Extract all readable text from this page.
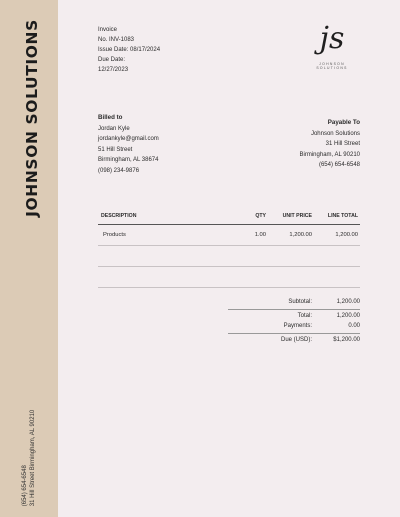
JOHNSON SOLUTIONS
(654) 654-6548 31 Hill Street Birmingham, AL 90210
Invoice
No. INV-1083
Issue Date: 08/17/2024
Due Date:
12/27/2023
js
JOHNSON SOLUTIONS
Billed to
Jordan Kyle
jordankyle@gmail.com
51 Hill Street
Birmingham, AL 38674
(098) 234-9876
Payable To
Johnson Solutions
31 Hill Street
Birmingham, AL 90210
(654) 654-6548
DESCRIPTION	QTY	UNIT PRICE	LINE TOTAL
Products	1.00	1,200.00	1,200.00

Subtotal:	1,200.00
Total:	1,200.00
Payments:	0.00
Due (USD):	$1,200.00
